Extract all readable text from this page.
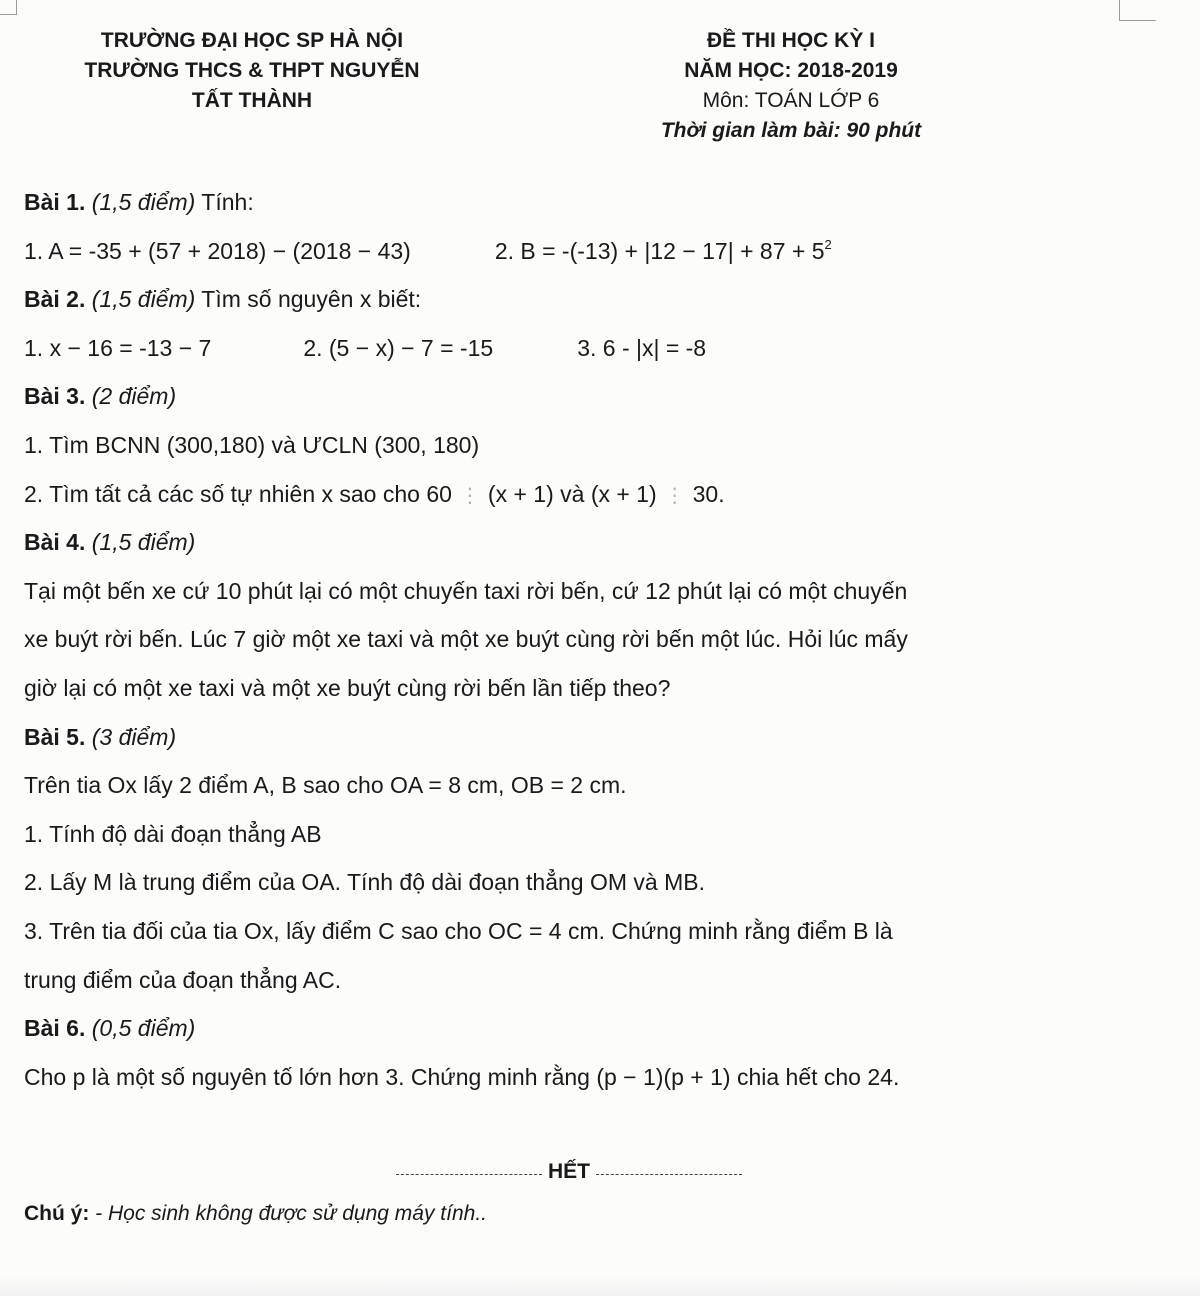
TRƯỜNG ĐẠI HỌC SP HÀ NỘI
TRƯỜNG THCS & THPT NGUYỄN
TẤT THÀNH
ĐỀ THI HỌC KỲ I
NĂM HỌC: 2018-2019
Môn: TOÁN LỚP 6
Thời gian làm bài: 90 phút
Bài 1. (1,5 điểm) Tính:
1. A = -35 + (57 + 2018) − (2018 − 43)	2. $B = -(-13) + |12 - 17| + 87 + 5^2$
Bài 2. (1,5 điểm) Tìm số nguyên x biết:
1. x − 16 = -13 − 7	2. (5 − x) − 7 = -15	3. 6 - |x| = -8
Bài 3. (2 điểm)
1. Tìm BCNN (300,180) và ƯCLN (300, 180)
2. Tìm tất cả các số tự nhiên x sao cho 60 ⋮ (x + 1) và (x + 1) ⋮ 30.
Bài 4. (1,5 điểm)
Tại một bến xe cứ 10 phút lại có một chuyến taxi rời bến, cứ 12 phút lại có một chuyến
xe buýt rời bến. Lúc 7 giờ một xe taxi và một xe buýt cùng rời bến một lúc. Hỏi lúc mấy
giờ lại có một xe taxi và một xe buýt cùng rời bến lần tiếp theo?
Bài 5. (3 điểm)
Trên tia Ox lấy 2 điểm A, B sao cho OA = 8 cm, OB = 2 cm.
1. Tính độ dài đoạn thẳng AB
2. Lấy M là trung điểm của OA. Tính độ dài đoạn thẳng OM và MB.
3. Trên tia đối của tia Ox, lấy điểm C sao cho OC = 4 cm. Chứng minh rằng điểm B là
trung điểm của đoạn thẳng AC.
Bài 6. (0,5 điểm)
Cho p là một số nguyên tố lớn hơn 3. Chứng minh rằng (p − 1)(p + 1) chia hết cho 24.
HẾT
Chú ý: - Học sinh không được sử dụng máy tính..
